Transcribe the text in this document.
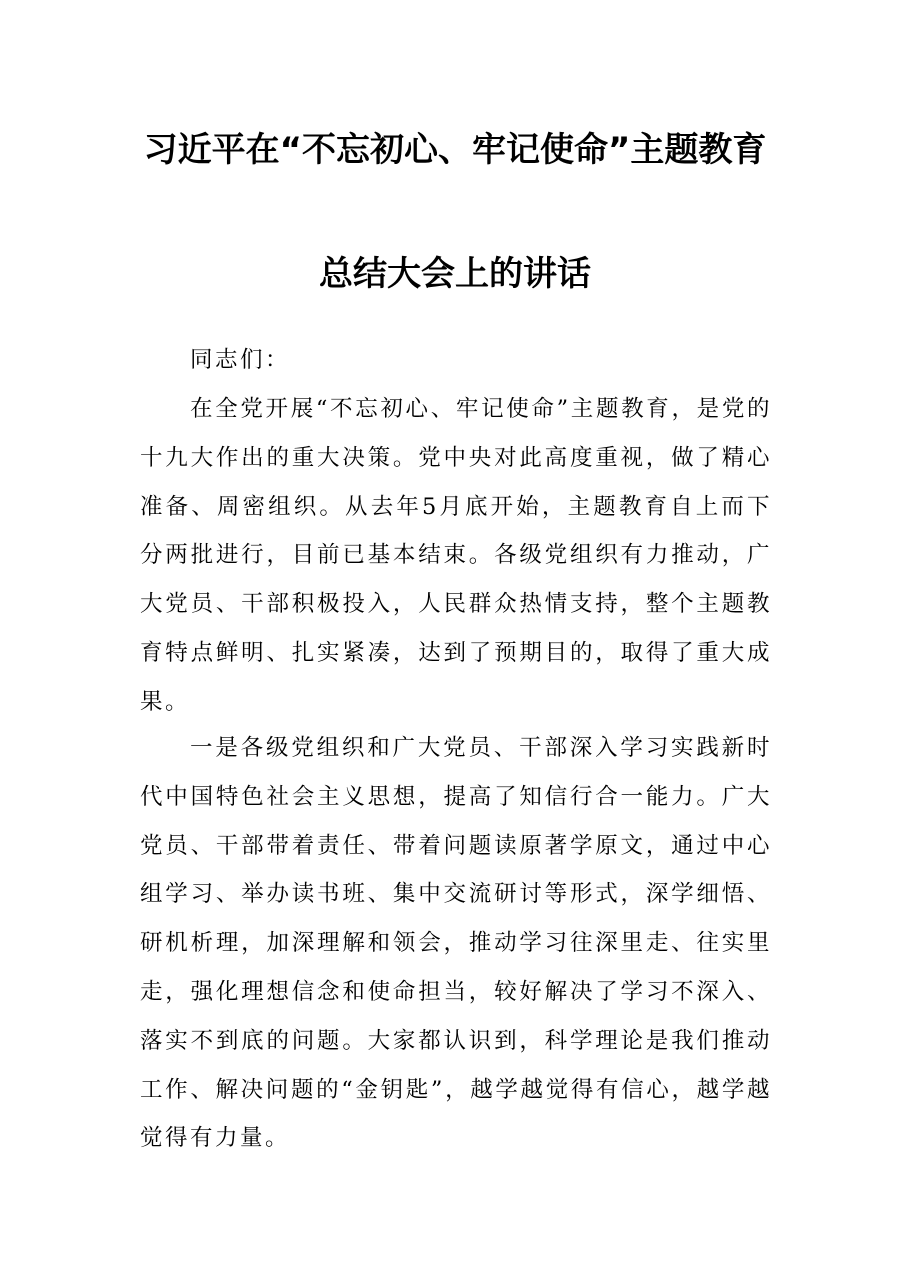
习近平在“不忘初心、牢记使命”主题教育
总结大会上的讲话

同志们：

在全党开展“不忘初心、牢记使命”主题教育，是党的十九大作出的重大决策。党中央对此高度重视，做了精心准备、周密组织。从去年5月底开始，主题教育自上而下分两批进行，目前已基本结束。各级党组织有力推动，广大党员、干部积极投入，人民群众热情支持，整个主题教育特点鲜明、扎实紧凑，达到了预期目的，取得了重大成果。

一是各级党组织和广大党员、干部深入学习实践新时代中国特色社会主义思想，提高了知信行合一能力。广大党员、干部带着责任、带着问题读原著学原文，通过中心组学习、举办读书班、集中交流研讨等形式，深学细悟、研机析理，加深理解和领会，推动学习往深里走、往实里走，强化理想信念和使命担当，较好解决了学习不深入、落实不到底的问题。大家都认识到，科学理论是我们推动工作、解决问题的“金钥匙”，越学越觉得有信心，越学越觉得有力量。
